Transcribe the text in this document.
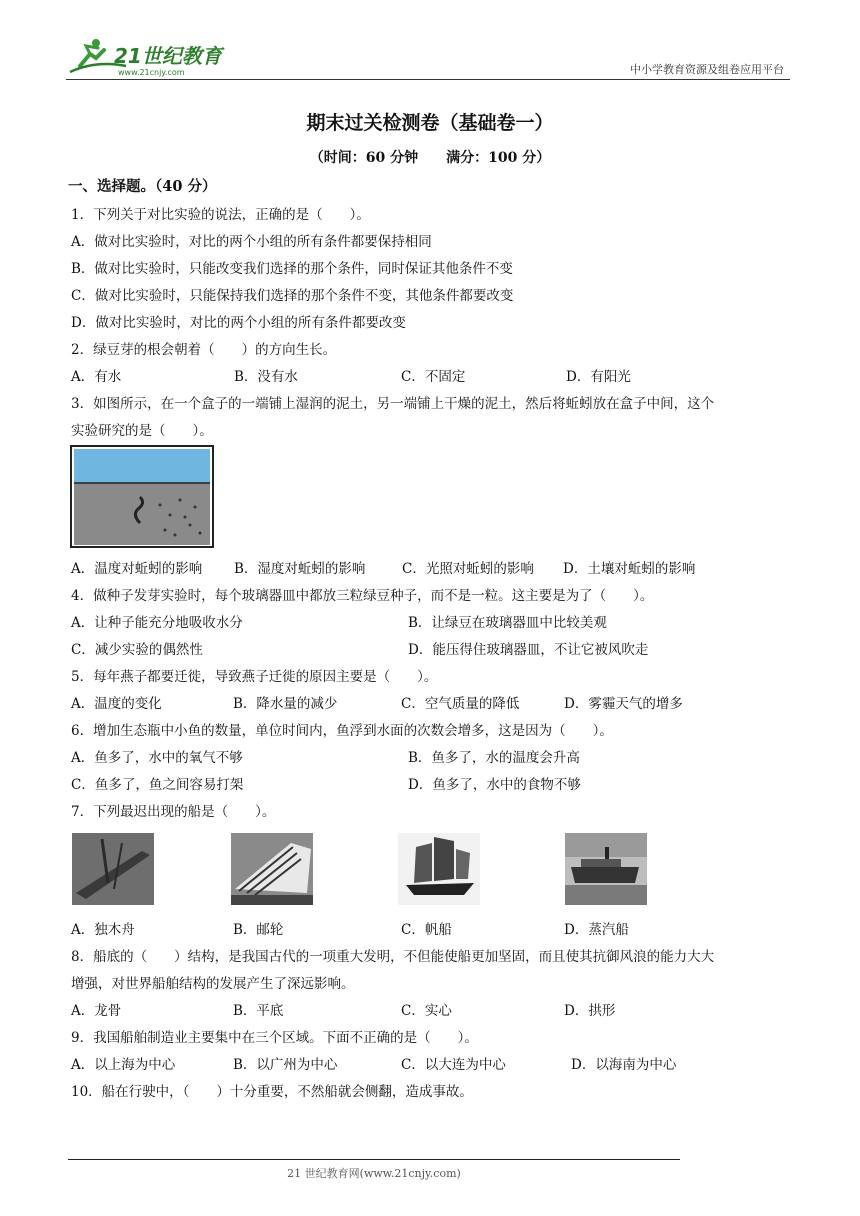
21世纪教育
www.21cnjy.com	中小学教育资源及组卷应用平台
期末过关检测卷（基础卷一）
（时间：60 分钟　　满分：100 分）
一、选择题。（40 分）
1．下列关于对比实验的说法，正确的是（　　）。
A．做对比实验时，对比的两个小组的所有条件都要保持相同
B．做对比实验时，只能改变我们选择的那个条件，同时保证其他条件不变
C．做对比实验时，只能保持我们选择的那个条件不变，其他条件都要改变
D．做对比实验时，对比的两个小组的所有条件都要改变
2．绿豆芽的根会朝着（　　）的方向生长。
A．有水	B．没有水	C．不固定	D．有阳光
3．如图所示，在一个盒子的一端铺上湿润的泥土，另一端铺上干燥的泥土，然后将蚯蚓放在盒子中间，这个
实验研究的是（　　）。
A．温度对蚯蚓的影响 B．湿度对蚯蚓的影响	C．光照对蚯蚓的影响 D．土壤对蚯蚓的影响
4．做种子发芽实验时，每个玻璃器皿中都放三粒绿豆种子，而不是一粒。这主要是为了（　　）。
A．让种子能充分地吸收水分	B．让绿豆在玻璃器皿中比较美观
C．减少实验的偶然性	D．能压得住玻璃器皿，不让它被风吹走
5．每年燕子都要迁徙，导致燕子迁徙的原因主要是（　　）。
A．温度的变化	B．降水量的减少	C．空气质量的降低	D．雾霾天气的增多
6．增加生态瓶中小鱼的数量，单位时间内，鱼浮到水面的次数会增多，这是因为（　　）。
A．鱼多了，水中的氧气不够	B．鱼多了，水的温度会升高
C．鱼多了，鱼之间容易打架	D．鱼多了，水中的食物不够
7．下列最迟出现的船是（　　）。
A．独木舟	B．邮轮	C．帆船	D．蒸汽船
8．船底的（　　）结构，是我国古代的一项重大发明，不但能使船更加坚固，而且使其抗御风浪的能力大大
增强，对世界船舶结构的发展产生了深远影响。
A．龙骨	B．平底	C．实心	D．拱形
9．我国船舶制造业主要集中在三个区域。下面不正确的是（　　）。
A．以上海为中心	B．以广州为中心	C．以大连为中心	D．以海南为中心
10．船在行驶中，（　　）十分重要，不然船就会侧翻，造成事故。
21 世纪教育网(www.21cnjy.com)
